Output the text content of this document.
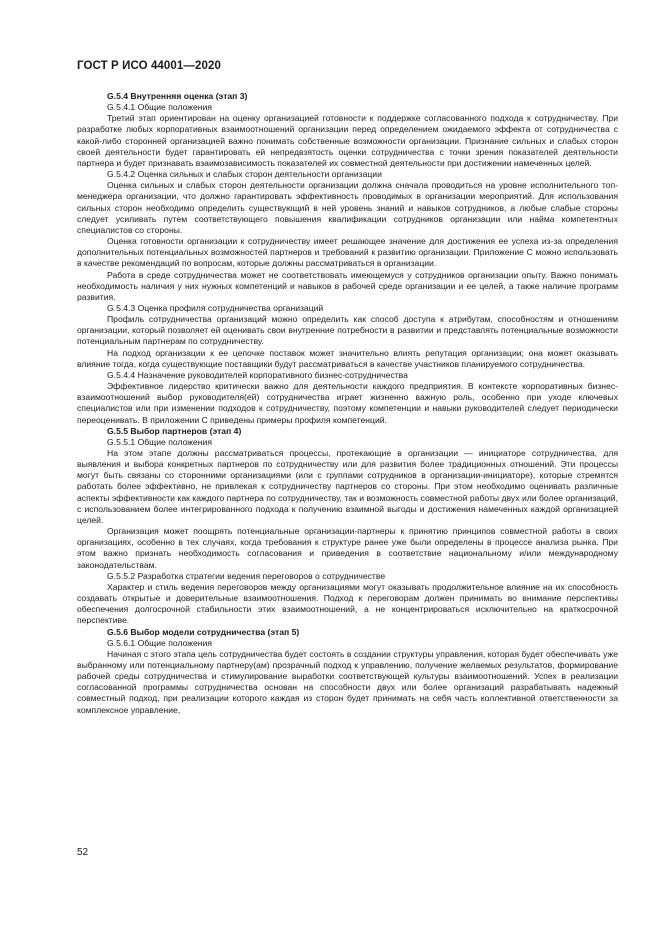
ГОСТ Р ИСО 44001—2020

G.5.4 Внутренняя оценка (этап 3)

G.5.4.1 Общие положения

Третий этап ориентирован на оценку организацией готовности к поддержке согласованного подхода к сотрудничеству. При разработке любых корпоративных взаимоотношений организации перед определением ожидаемого эффекта от сотрудничества с какой-либо сторонней организацией важно понимать собственные возможности организации. Признание сильных и слабых сторон своей деятельности будет гарантировать ей непредвзятость оценки сотрудничества с точки зрения показателей деятельности партнера и будет признавать взаимозависимость показателей их совместной деятельности при достижении намеченных целей.

G.5.4.2 Оценка сильных и слабых сторон деятельности организации

Оценка сильных и слабых сторон деятельности организации должна сначала проводиться на уровне исполнительного топ-менеджера организации, что должно гарантировать эффективность проводимых в организации мероприятий. Для использования сильных сторон необходимо определить существующий в ней уровень знаний и навыков сотрудников, а любые слабые стороны следует усиливать путем соответствующего повышения квалификации сотрудников организации или найма компетентных специалистов со стороны.

Оценка готовности организации к сотрудничеству имеет решающее значение для достижения ее успеха из-за определения дополнительных потенциальных возможностей партнеров и требований к развитию организации. Приложение С можно использовать в качестве рекомендаций по вопросам, которые должны рассматриваться в организации.

Работа в среде сотрудничества может не соответствовать имеющемуся у сотрудников организации опыту. Важно понимать необходимость наличия у них нужных компетенций и навыков в рабочей среде организации и ее целей, а также наличие программ развития.

G.5.4.3 Оценка профиля сотрудничества организаций

Профиль сотрудничества организаций можно определить как способ доступа к атрибутам, способностям и отношениям организации, который позволяет ей оценивать свои внутренние потребности в развитии и представлять потенциальные возможности потенциальным партнерам по сотрудничеству.

На подход организации к ее цепочке поставок может значительно влиять репутация организации; она может оказывать влияние тогда, когда существующие поставщики будут рассматриваться в качестве участников планируемого сотрудничества.

G.5.4.4 Назначение руководителей корпоративного бизнес-сотрудничества

Эффективное лидерство критически важно для деятельности каждого предприятия. В контексте корпоративных бизнес-взаимоотношений выбор руководителя(ей) сотрудничества играет жизненно важную роль, особенно при уходе ключевых специалистов или при изменении подходов к сотрудничеству, поэтому компетенции и навыки руководителей следует периодически переоценивать. В приложении С приведены примеры профиля компетенций.

G.5.5 Выбор партнеров (этап 4)

G.5.5.1 Общие положения

На этом этапе должны рассматриваться процессы, протекающие в организации — инициаторе сотрудничества, для выявления и выбора конкретных партнеров по сотрудничеству или для развития более традиционных отношений. Эти процессы могут быть связаны со сторонними организациями (или с группами сотрудников в организации-инициаторе), которые стремятся работать более эффективно, не привлекая к сотрудничеству партнеров со стороны. При этом необходимо оценивать различные аспекты эффективности как каждого партнера по сотрудничеству, так и возможность совместной работы двух или более организаций, с использованием более интегрированного подхода к получению взаимной выгоды и достижения намеченных каждой организацией целей.

Организация может поощрять потенциальные организации-партнеры к принятию принципов совместной работы в своих организациях, особенно в тех случаях, когда требования к структуре ранее уже были определены в процессе анализа рынка. При этом важно признать необходимость согласования и приведения в соответствие национальному и/или международному законодательствам.

G.5.5.2 Разработка стратегии ведения переговоров о сотрудничестве

Характер и стиль ведения переговоров между организациями могут оказывать продолжительное влияние на их способность создавать открытые и доверительные взаимоотношения. Подход к переговорам должен принимать во внимание перспективы обеспечения долгосрочной стабильности этих взаимоотношений, а не концентрироваться исключительно на краткосрочной перспективе.

G.5.6 Выбор модели сотрудничества (этап 5)

G.5.6.1 Общие положения

Начиная с этого этапа цель сотрудничества будет состоять в создании структуры управления, которая будет обеспечивать уже выбранному или потенциальному партнеру(ам) прозрачный подход к управлению, получение желаемых результатов, формирование рабочей среды сотрудничества и стимулирование выработки соответствующей культуры взаимоотношений. Успех в реализации согласованной программы сотрудничества основан на способности двух или более организаций разрабатывать надежный совместный подход, при реализации которого каждая из сторон будет принимать на себя часть коллективной ответственности за комплексное управление,

52
